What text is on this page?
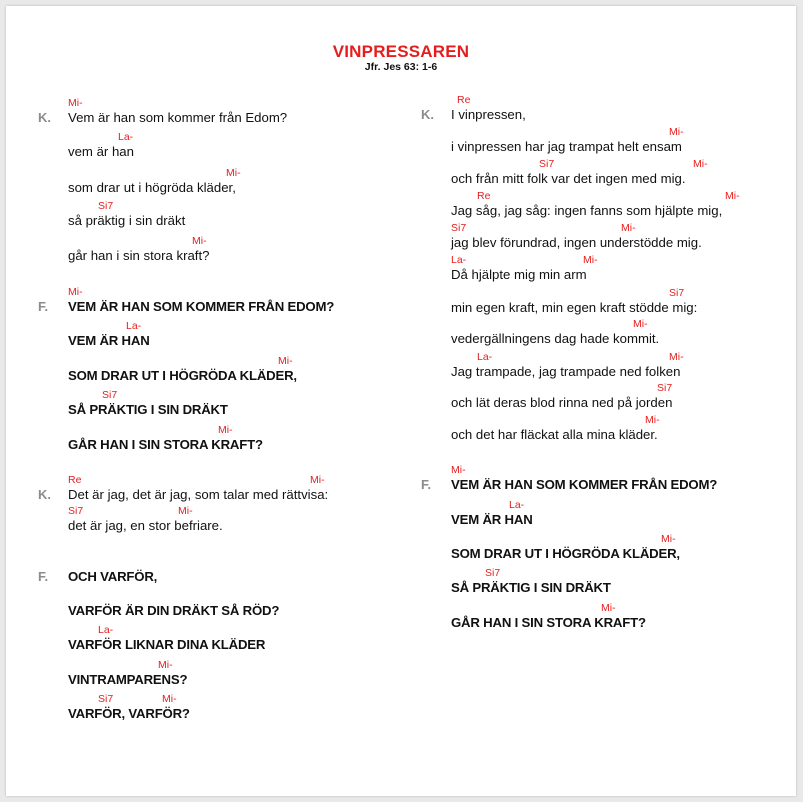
VINPRESSAREN
Jfr. Jes 63: 1-6
K. Vem är han som kommer från Edom?
Mi-
vem är han
La-
som drar ut i högröda kläder,
Mi-
så präktig i sin dräkt
Si7
går han i sin stora kraft?
Mi-
F. VEM ÄR HAN SOM KOMMER FRÅN EDOM?
Mi-
VEM ÄR HAN
La-
SOM DRAR UT I HÖGRÖDA KLÄDER,
Mi-
SÅ PRÄKTIG I SIN DRÄKT
Si7
GÅR HAN I SIN STORA KRAFT?
Mi-
K. Det är jag, det är jag, som talar med rättvisa:
Re	Mi-
det är jag, en stor befriare.
Si7	Mi-
F. OCH VARFÖR,
VARFÖR ÄR DIN DRÄKT SÅ RÖD?
VARFÖR LIKNAR DINA KLÄDER
La-
VINTRAMPARENS?
Mi-
VARFÖR, VARFÖR?
Si7	Mi-
K. I vinpressen,
Re
i vinpressen har jag trampat helt ensam
Mi-
och från mitt folk var det ingen med mig.
Si7	Mi-
Jag såg, jag såg: ingen fanns som hjälpte mig,
Re	Mi-
jag blev förundrad, ingen understödde mig.
Si7	Mi-
Då hjälpte mig min arm
La-	Mi-
min egen kraft, min egen kraft stödde mig:
Si7
vedergällningens dag hade kommit.
Mi-
Jag trampade, jag trampade ned folken
La-	Mi-
och lät deras blod rinna ned på jorden
Si7
och det har fläckat alla mina kläder.
Mi-
F. VEM ÄR HAN SOM KOMMER FRÅN EDOM?
Mi-
VEM ÄR HAN
La-
SOM DRAR UT I HÖGRÖDA KLÄDER,
Mi-
SÅ PRÄKTIG I SIN DRÄKT
Si7
GÅR HAN I SIN STORA KRAFT?
Mi-
